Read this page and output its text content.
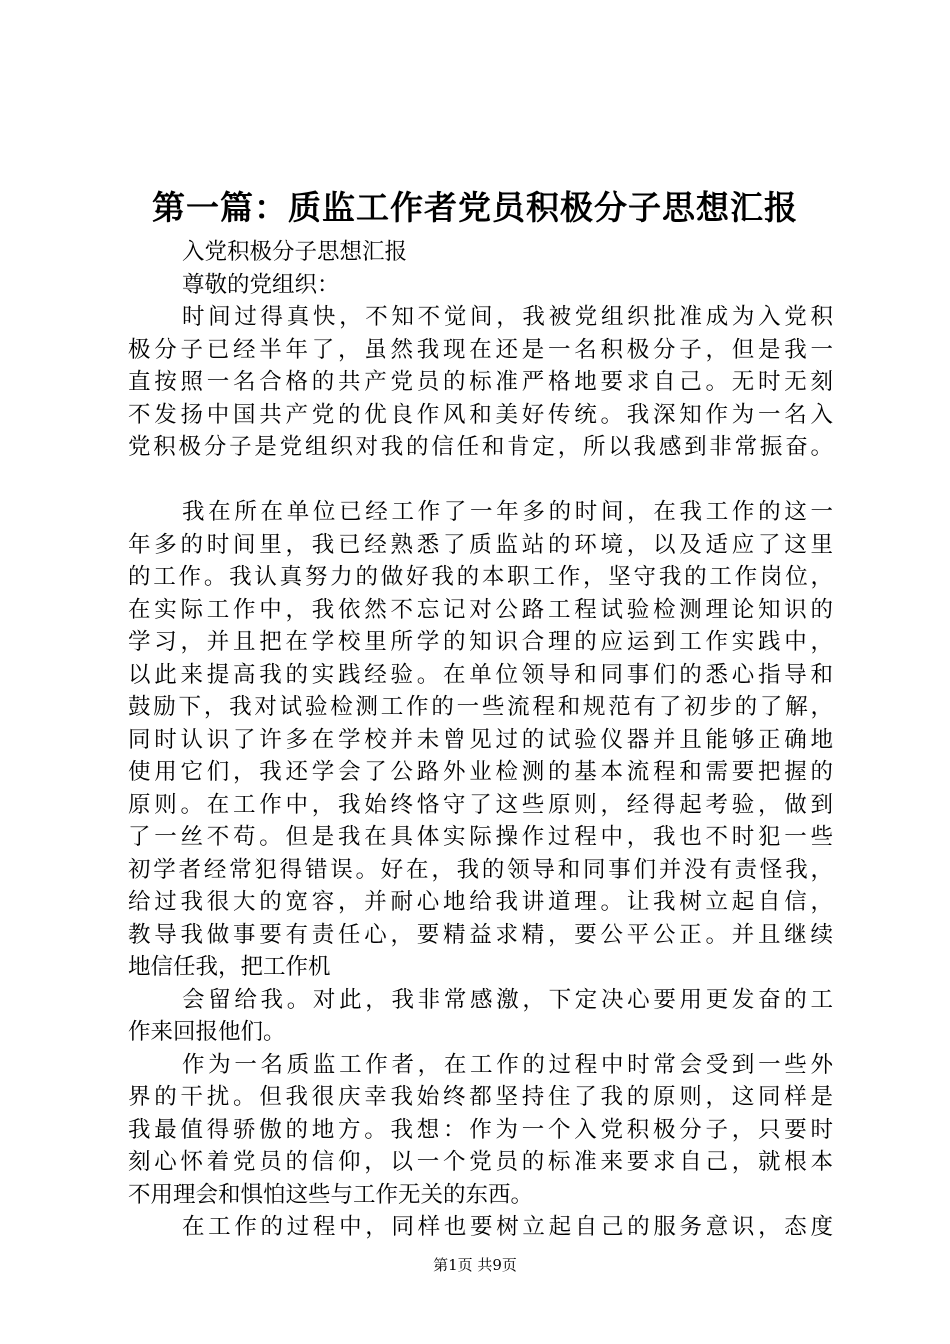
第一篇：质监工作者党员积极分子思想汇报
入党积极分子思想汇报
尊敬的党组织：
时间过得真快，不知不觉间，我被党组织批准成为入党积
极分子已经半年了，虽然我现在还是一名积极分子，但是我一
直按照一名合格的共产党员的标准严格地要求自己。无时无刻
不发扬中国共产党的优良作风和美好传统。我深知作为一名入
党积极分子是党组织对我的信任和肯定，所以我感到非常振奋。
我在所在单位已经工作了一年多的时间，在我工作的这一
年多的时间里，我已经熟悉了质监站的环境，以及适应了这里
的工作。我认真努力的做好我的本职工作，坚守我的工作岗位，
在实际工作中，我依然不忘记对公路工程试验检测理论知识的
学习，并且把在学校里所学的知识合理的应运到工作实践中，
以此来提高我的实践经验。在单位领导和同事们的悉心指导和
鼓励下，我对试验检测工作的一些流程和规范有了初步的了解，
同时认识了许多在学校并未曾见过的试验仪器并且能够正确地
使用它们，我还学会了公路外业检测的基本流程和需要把握的
原则。在工作中，我始终恪守了这些原则，经得起考验，做到
了一丝不苟。但是我在具体实际操作过程中，我也不时犯一些
初学者经常犯得错误。好在，我的领导和同事们并没有责怪我，
给过我很大的宽容，并耐心地给我讲道理。让我树立起自信，
教导我做事要有责任心，要精益求精，要公平公正。并且继续
地信任我，把工作机
会留给我。对此，我非常感激，下定决心要用更发奋的工
作来回报他们。
作为一名质监工作者，在工作的过程中时常会受到一些外
界的干扰。但我很庆幸我始终都坚持住了我的原则，这同样是
我最值得骄傲的地方。我想：作为一个入党积极分子，只要时
刻心怀着党员的信仰，以一个党员的标准来要求自己，就根本
不用理会和惧怕这些与工作无关的东西。
在工作的过程中，同样也要树立起自己的服务意识，态度
第1页 共9页
